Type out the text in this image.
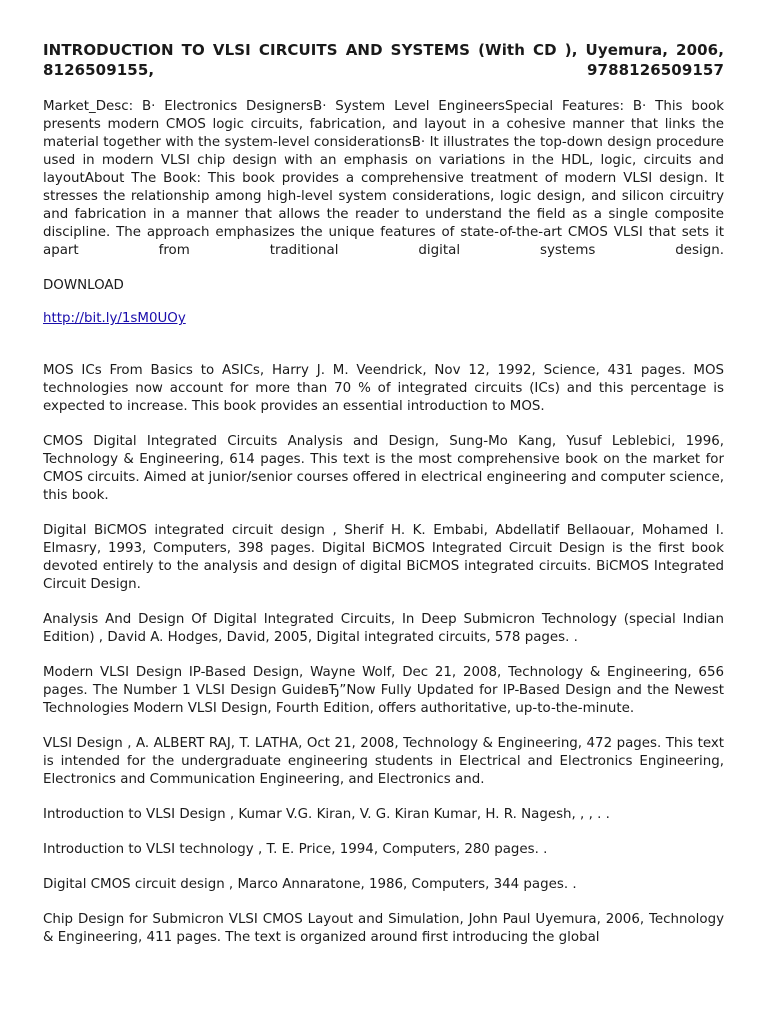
INTRODUCTION TO VLSI CIRCUITS AND SYSTEMS (With CD ), Uyemura, 2006, 8126509155, 9788126509157
Market_Desc: В· Electronics DesignersВ· System Level EngineersSpecial Features: В· This book presents modern CMOS logic circuits, fabrication, and layout in a cohesive manner that links the material together with the system-level considerationsВ· It illustrates the top-down design procedure used in modern VLSI chip design with an emphasis on variations in the HDL, logic, circuits and layoutAbout The Book: This book provides a comprehensive treatment of modern VLSI design. It stresses the relationship among high-level system considerations, logic design, and silicon circuitry and fabrication in a manner that allows the reader to understand the field as a single composite discipline. The approach emphasizes the unique features of state-of-the-art CMOS VLSI that sets it apart from traditional digital systems design.
DOWNLOAD
http://bit.ly/1sM0UOy
MOS ICs From Basics to ASICs, Harry J. M. Veendrick, Nov 12, 1992, Science, 431 pages. MOS technologies now account for more than 70 % of integrated circuits (ICs) and this percentage is expected to increase. This book provides an essential introduction to MOS.
CMOS Digital Integrated Circuits Analysis and Design, Sung-Mo Kang, Yusuf Leblebici, 1996, Technology & Engineering, 614 pages. This text is the most comprehensive book on the market for CMOS circuits. Aimed at junior/senior courses offered in electrical engineering and computer science, this book.
Digital BiCMOS integrated circuit design , Sherif H. K. Embabi, Abdellatif Bellaouar, Mohamed I. Elmasry, 1993, Computers, 398 pages. Digital BiCMOS Integrated Circuit Design is the first book devoted entirely to the analysis and design of digital BiCMOS integrated circuits. BiCMOS Integrated Circuit Design.
Analysis And Design Of Digital Integrated Circuits, In Deep Submicron Technology (special Indian Edition) , David A. Hodges, David, 2005, Digital integrated circuits, 578 pages. .
Modern VLSI Design IP-Based Design, Wayne Wolf, Dec 21, 2008, Technology & Engineering, 656 pages. The Number 1 VLSI Design GuideвЂ”Now Fully Updated for IP-Based Design and the Newest Technologies Modern VLSI Design, Fourth Edition, offers authoritative, up-to-the-minute.
VLSI Design , A. ALBERT RAJ, T. LATHA, Oct 21, 2008, Technology & Engineering, 472 pages. This text is intended for the undergraduate engineering students in Electrical and Electronics Engineering, Electronics and Communication Engineering, and Electronics and.
Introduction to VLSI Design , Kumar V.G. Kiran, V. G. Kiran Kumar, H. R. Nagesh, , , . .
Introduction to VLSI technology , T. E. Price, 1994, Computers, 280 pages. .
Digital CMOS circuit design , Marco Annaratone, 1986, Computers, 344 pages. .
Chip Design for Submicron VLSI CMOS Layout and Simulation, John Paul Uyemura, 2006, Technology & Engineering, 411 pages. The text is organized around first introducing the global
